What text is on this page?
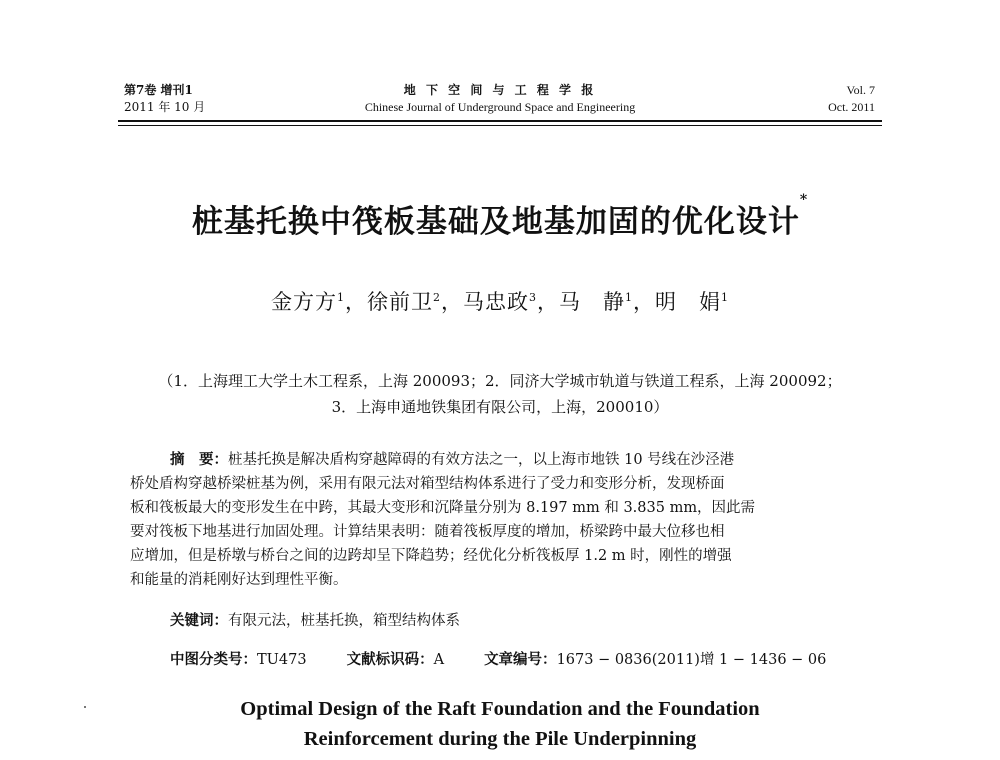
第7卷 增刊1
2011 年 10 月
地 下 空 间 与 工 程 学 报
Chinese Journal of Underground Space and Engineering
Vol. 7
Oct. 2011
桩基托换中筏板基础及地基加固的优化设计*
金方方$^1$，徐前卫$^2$，马忠政$^3$，马　静$^1$，明　娟$^1$
（1．上海理工大学土木工程系，上海 200093；2．同济大学城市轨道与铁道工程系，上海 200092；
3．上海申通地铁集团有限公司，上海，200010）
摘　要：桩基托换是解决盾构穿越障碍的有效方法之一，以上海市地铁 10 号线在沙泾港
桥处盾构穿越桥梁桩基为例，采用有限元法对箱型结构体系进行了受力和变形分析，发现桥面
板和筏板最大的变形发生在中跨，其最大变形和沉降量分别为 8.197 mm 和 3.835 mm，因此需
要对筏板下地基进行加固处理。计算结果表明：随着筏板厚度的增加，桥梁跨中最大位移也相
应增加，但是桥墩与桥台之间的边跨却呈下降趋势；经优化分析筏板厚 1.2 m 时，刚性的增强
和能量的消耗刚好达到理性平衡。
关键词：有限元法，桩基托换，箱型结构体系
中图分类号：TU473	文献标识码：A	文章编号：1673 − 0836(2011)增 1 − 1436 − 06
Optimal Design of the Raft Foundation and the Foundation
Reinforcement during the Pile Underpinning
